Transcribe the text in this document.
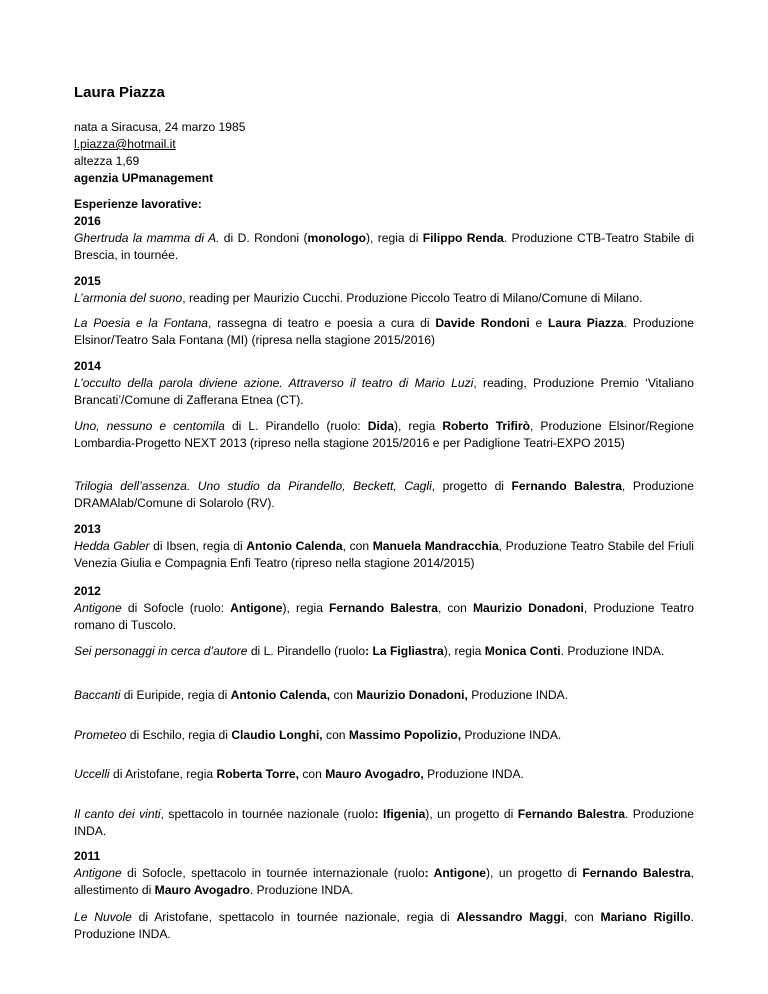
Laura Piazza
nata a Siracusa, 24 marzo 1985
l.piazza@hotmail.it
altezza 1,69
agenzia UPmanagement
Esperienze lavorative:
2016
Ghertruda la mamma di A. di D. Rondoni (monologo), regia di Filippo Renda. Produzione CTB-Teatro Stabile di Brescia, in tournée.
2015
L’armonia del suono, reading per Maurizio Cucchi. Produzione Piccolo Teatro di Milano/Comune di Milano.
La Poesia e la Fontana, rassegna di teatro e poesia a cura di Davide Rondoni e Laura Piazza. Produzione Elsinor/Teatro Sala Fontana (MI) (ripresa nella stagione 2015/2016)
2014
L’occulto della parola diviene azione. Attraverso il teatro di Mario Luzi, reading, Produzione Premio ‘Vitaliano Brancati’/Comune di Zafferana Etnea (CT).
Uno, nessuno e centomila di L. Pirandello (ruolo: Dida), regia Roberto Trifirò, Produzione Elsinor/Regione Lombardia-Progetto NEXT 2013 (ripreso nella stagione 2015/2016 e per Padiglione Teatri-EXPO 2015)
Trilogia dell’assenza. Uno studio da Pirandello, Beckett, Cagli, progetto di Fernando Balestra, Produzione DRAMAlab/Comune di Solarolo (RV).
2013
Hedda Gabler di Ibsen, regia di Antonio Calenda, con Manuela Mandracchia, Produzione Teatro Stabile del Friuli Venezia Giulia e Compagnia Enfi Teatro (ripreso nella stagione 2014/2015)
2012
Antigone di Sofocle (ruolo: Antigone), regia Fernando Balestra, con Maurizio Donadoni, Produzione Teatro romano di Tuscolo.
Sei personaggi in cerca d’autore di L. Pirandello (ruolo: La Figliastra), regia Monica Conti. Produzione INDA.
Baccanti di Euripide, regia di Antonio Calenda, con Maurizio Donadoni, Produzione INDA.
Prometeo di Eschilo, regia di Claudio Longhi, con Massimo Popolizio, Produzione INDA.
Uccelli di Aristofane, regia Roberta Torre, con Mauro Avogadro, Produzione INDA.
Il canto dei vinti, spettacolo in tournée nazionale (ruolo: Ifigenia), un progetto di Fernando Balestra. Produzione INDA.
2011
Antigone di Sofocle, spettacolo in tournée internazionale (ruolo: Antigone), un progetto di Fernando Balestra, allestimento di Mauro Avogadro. Produzione INDA.
Le Nuvole di Aristofane, spettacolo in tournée nazionale, regia di Alessandro Maggi, con Mariano Rigillo. Produzione INDA.
